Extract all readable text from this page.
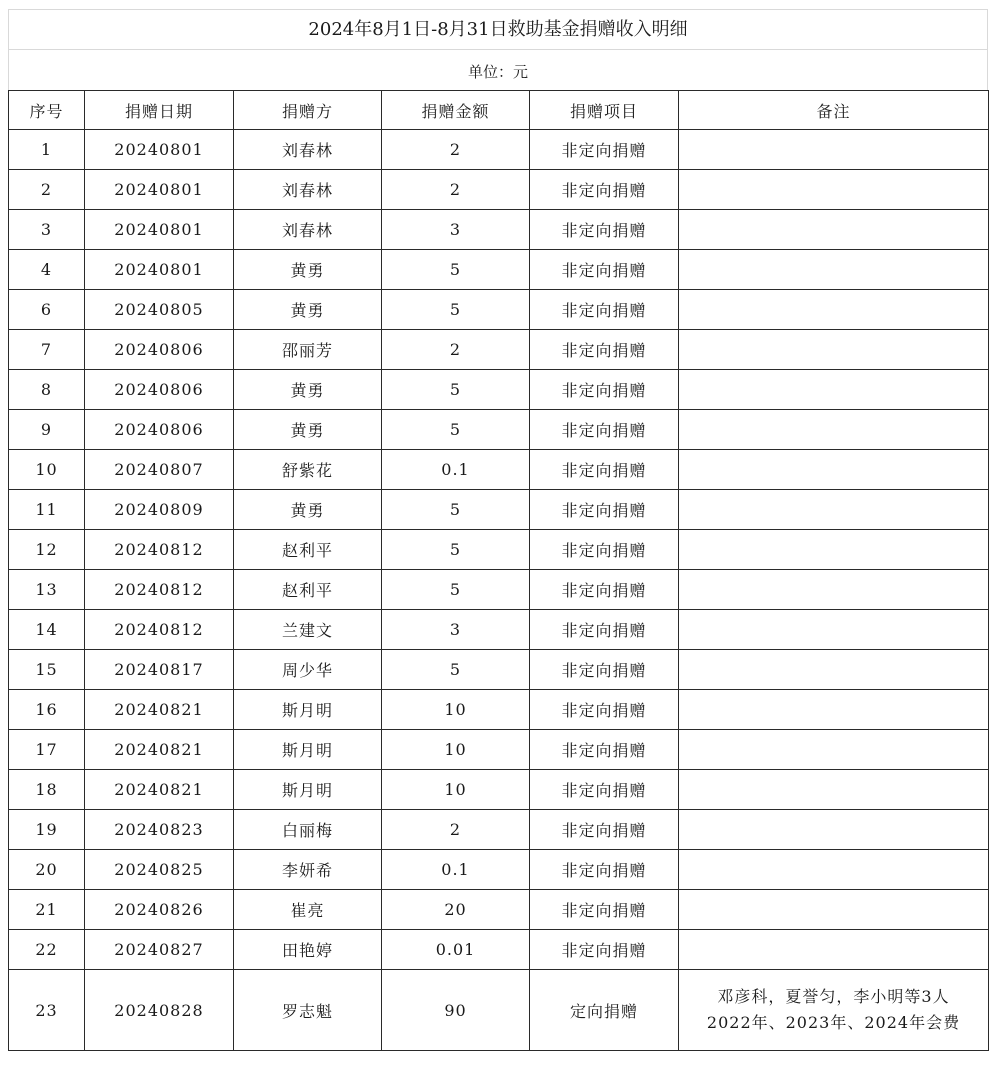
2024年8月1日-8月31日救助基金捐赠收入明细
单位：元
序号	捐赠日期	捐赠方	捐赠金额	捐赠项目	备注
1	20240801	刘春林	2	非定向捐赠	
2	20240801	刘春林	2	非定向捐赠	
3	20240801	刘春林	3	非定向捐赠	
4	20240801	黄勇	5	非定向捐赠	
6	20240805	黄勇	5	非定向捐赠	
7	20240806	邵丽芳	2	非定向捐赠	
8	20240806	黄勇	5	非定向捐赠	
9	20240806	黄勇	5	非定向捐赠	
10	20240807	舒紫花	0.1	非定向捐赠	
11	20240809	黄勇	5	非定向捐赠	
12	20240812	赵利平	5	非定向捐赠	
13	20240812	赵利平	5	非定向捐赠	
14	20240812	兰建文	3	非定向捐赠	
15	20240817	周少华	5	非定向捐赠	
16	20240821	斯月明	10	非定向捐赠	
17	20240821	斯月明	10	非定向捐赠	
18	20240821	斯月明	10	非定向捐赠	
19	20240823	白丽梅	2	非定向捐赠	
20	20240825	李妍希	0.1	非定向捐赠	
21	20240826	崔亮	20	非定向捐赠	
22	20240827	田艳婷	0.01	非定向捐赠	
23	20240828	罗志魁	90	定向捐赠	邓彦科，夏誉匀，李小明等3人
2022年、2023年、2024年会费
